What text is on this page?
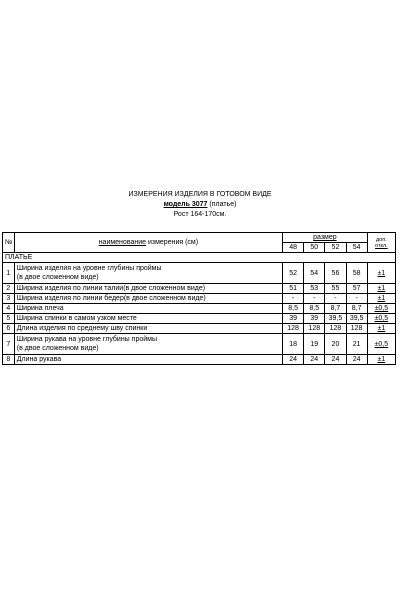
ИЗМЕРЕНИЯ ИЗДЕЛИЯ В ГОТОВОМ ВИДЕ
модель 3077 (платье)
Рост 164-170см.
№	наименование измерения (см)	размер				доп.
откл.

		48	50	52	54	
ПЛАТЬЕ						
1	Ширина изделия на уровне глубины проймы
(в двое сложенном виде)	52	54	56	58	±1
2	Ширина изделия по линии талии(в двое сложенном виде)	51	53	55	57	±1
3	Ширина изделия по линии бедер(в двое сложенном виде)	-	-	-	-	±1
4	Ширина плеча	8,5	8,5	8,7	8,7	±0,5
5	Ширина спинки в самом узком месте	39	39	39,5	39,5	±0,5
6	Длина изделия по среднему шву спинки	128	128	128	128	±1
7	Ширина рукава на уровне глубины проймы
(в двое сложенном виде)	18	19	20	21	±0,5
8	Длина рукава	24	24	24	24	±1
